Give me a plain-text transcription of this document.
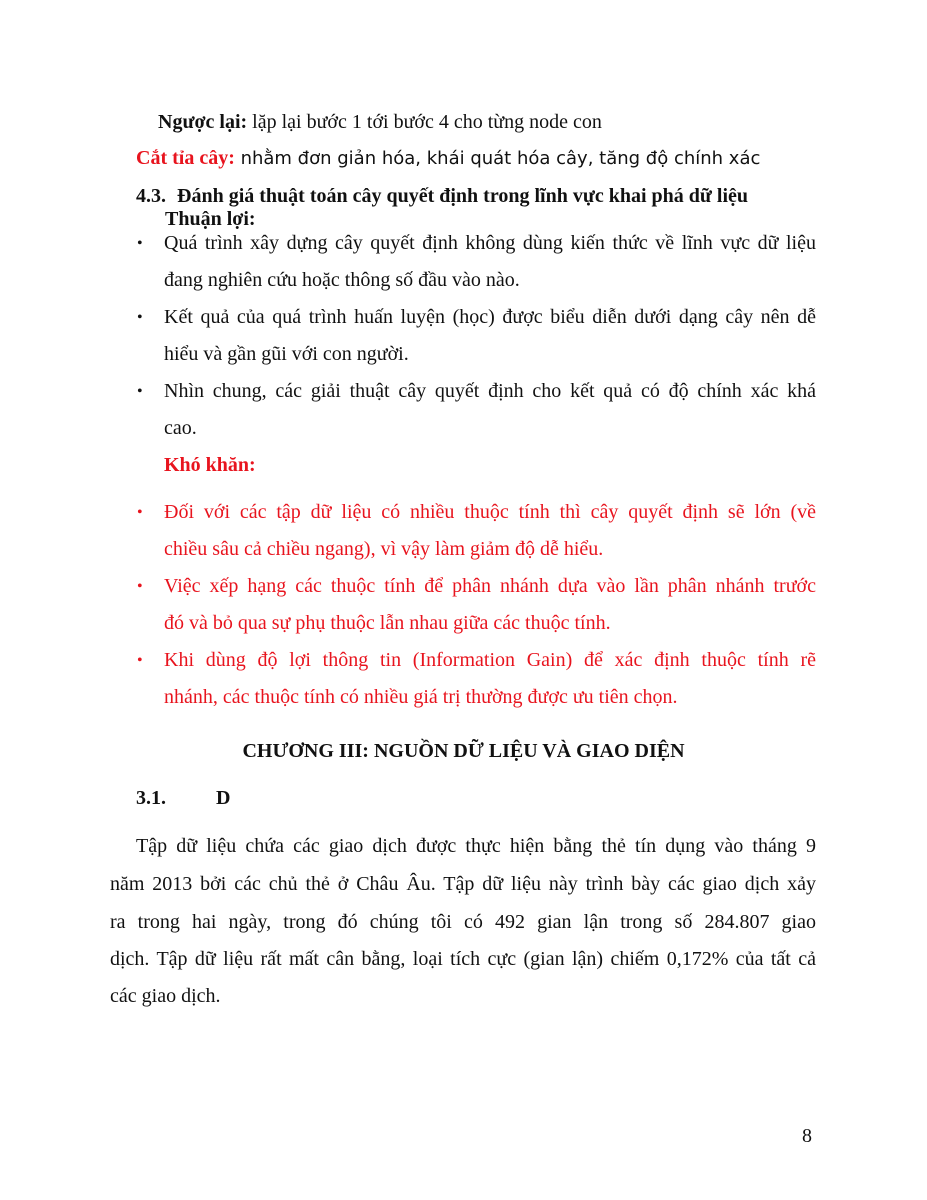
Ngược lại: lặp lại bước 1 tới bước 4 cho từng node con
Cắt tỉa cây: nhằm đơn giản hóa, khái quát hóa cây, tăng độ chính xác
4.3. Đánh giá thuật toán cây quyết định trong lĩnh vực khai phá dữ liệu
Thuận lợi:
• Quá trình xây dựng cây quyết định không dùng kiến thức về lĩnh vực dữ liệu
đang nghiên cứu hoặc thông số đầu vào nào.
• Kết quả của quá trình huấn luyện (học) được biểu diễn dưới dạng cây nên dễ
hiểu và gần gũi với con người.
• Nhìn chung, các giải thuật cây quyết định cho kết quả có độ chính xác khá
cao.
Khó khăn:
• Đối với các tập dữ liệu có nhiều thuộc tính thì cây quyết định sẽ lớn (về
chiều sâu cả chiều ngang), vì vậy làm giảm độ dễ hiểu.
• Việc xếp hạng các thuộc tính để phân nhánh dựa vào lần phân nhánh trước
đó và bỏ qua sự phụ thuộc lẫn nhau giữa các thuộc tính.
• Khi dùng độ lợi thông tin (Information Gain) để xác định thuộc tính rẽ
nhánh, các thuộc tính có nhiều giá trị thường được ưu tiên chọn.
CHƯƠNG III: NGUỒN DỮ LIỆU VÀ GIAO DIỆN
3.1.	D
Tập dữ liệu chứa các giao dịch được thực hiện bằng thẻ tín dụng vào tháng 9
năm 2013 bởi các chủ thẻ ở Châu Âu. Tập dữ liệu này trình bày các giao dịch xảy
ra trong hai ngày, trong đó chúng tôi có 492 gian lận trong số 284.807 giao
dịch. Tập dữ liệu rất mất cân bằng, loại tích cực (gian lận) chiếm 0,172% của tất cả
các giao dịch.
8
